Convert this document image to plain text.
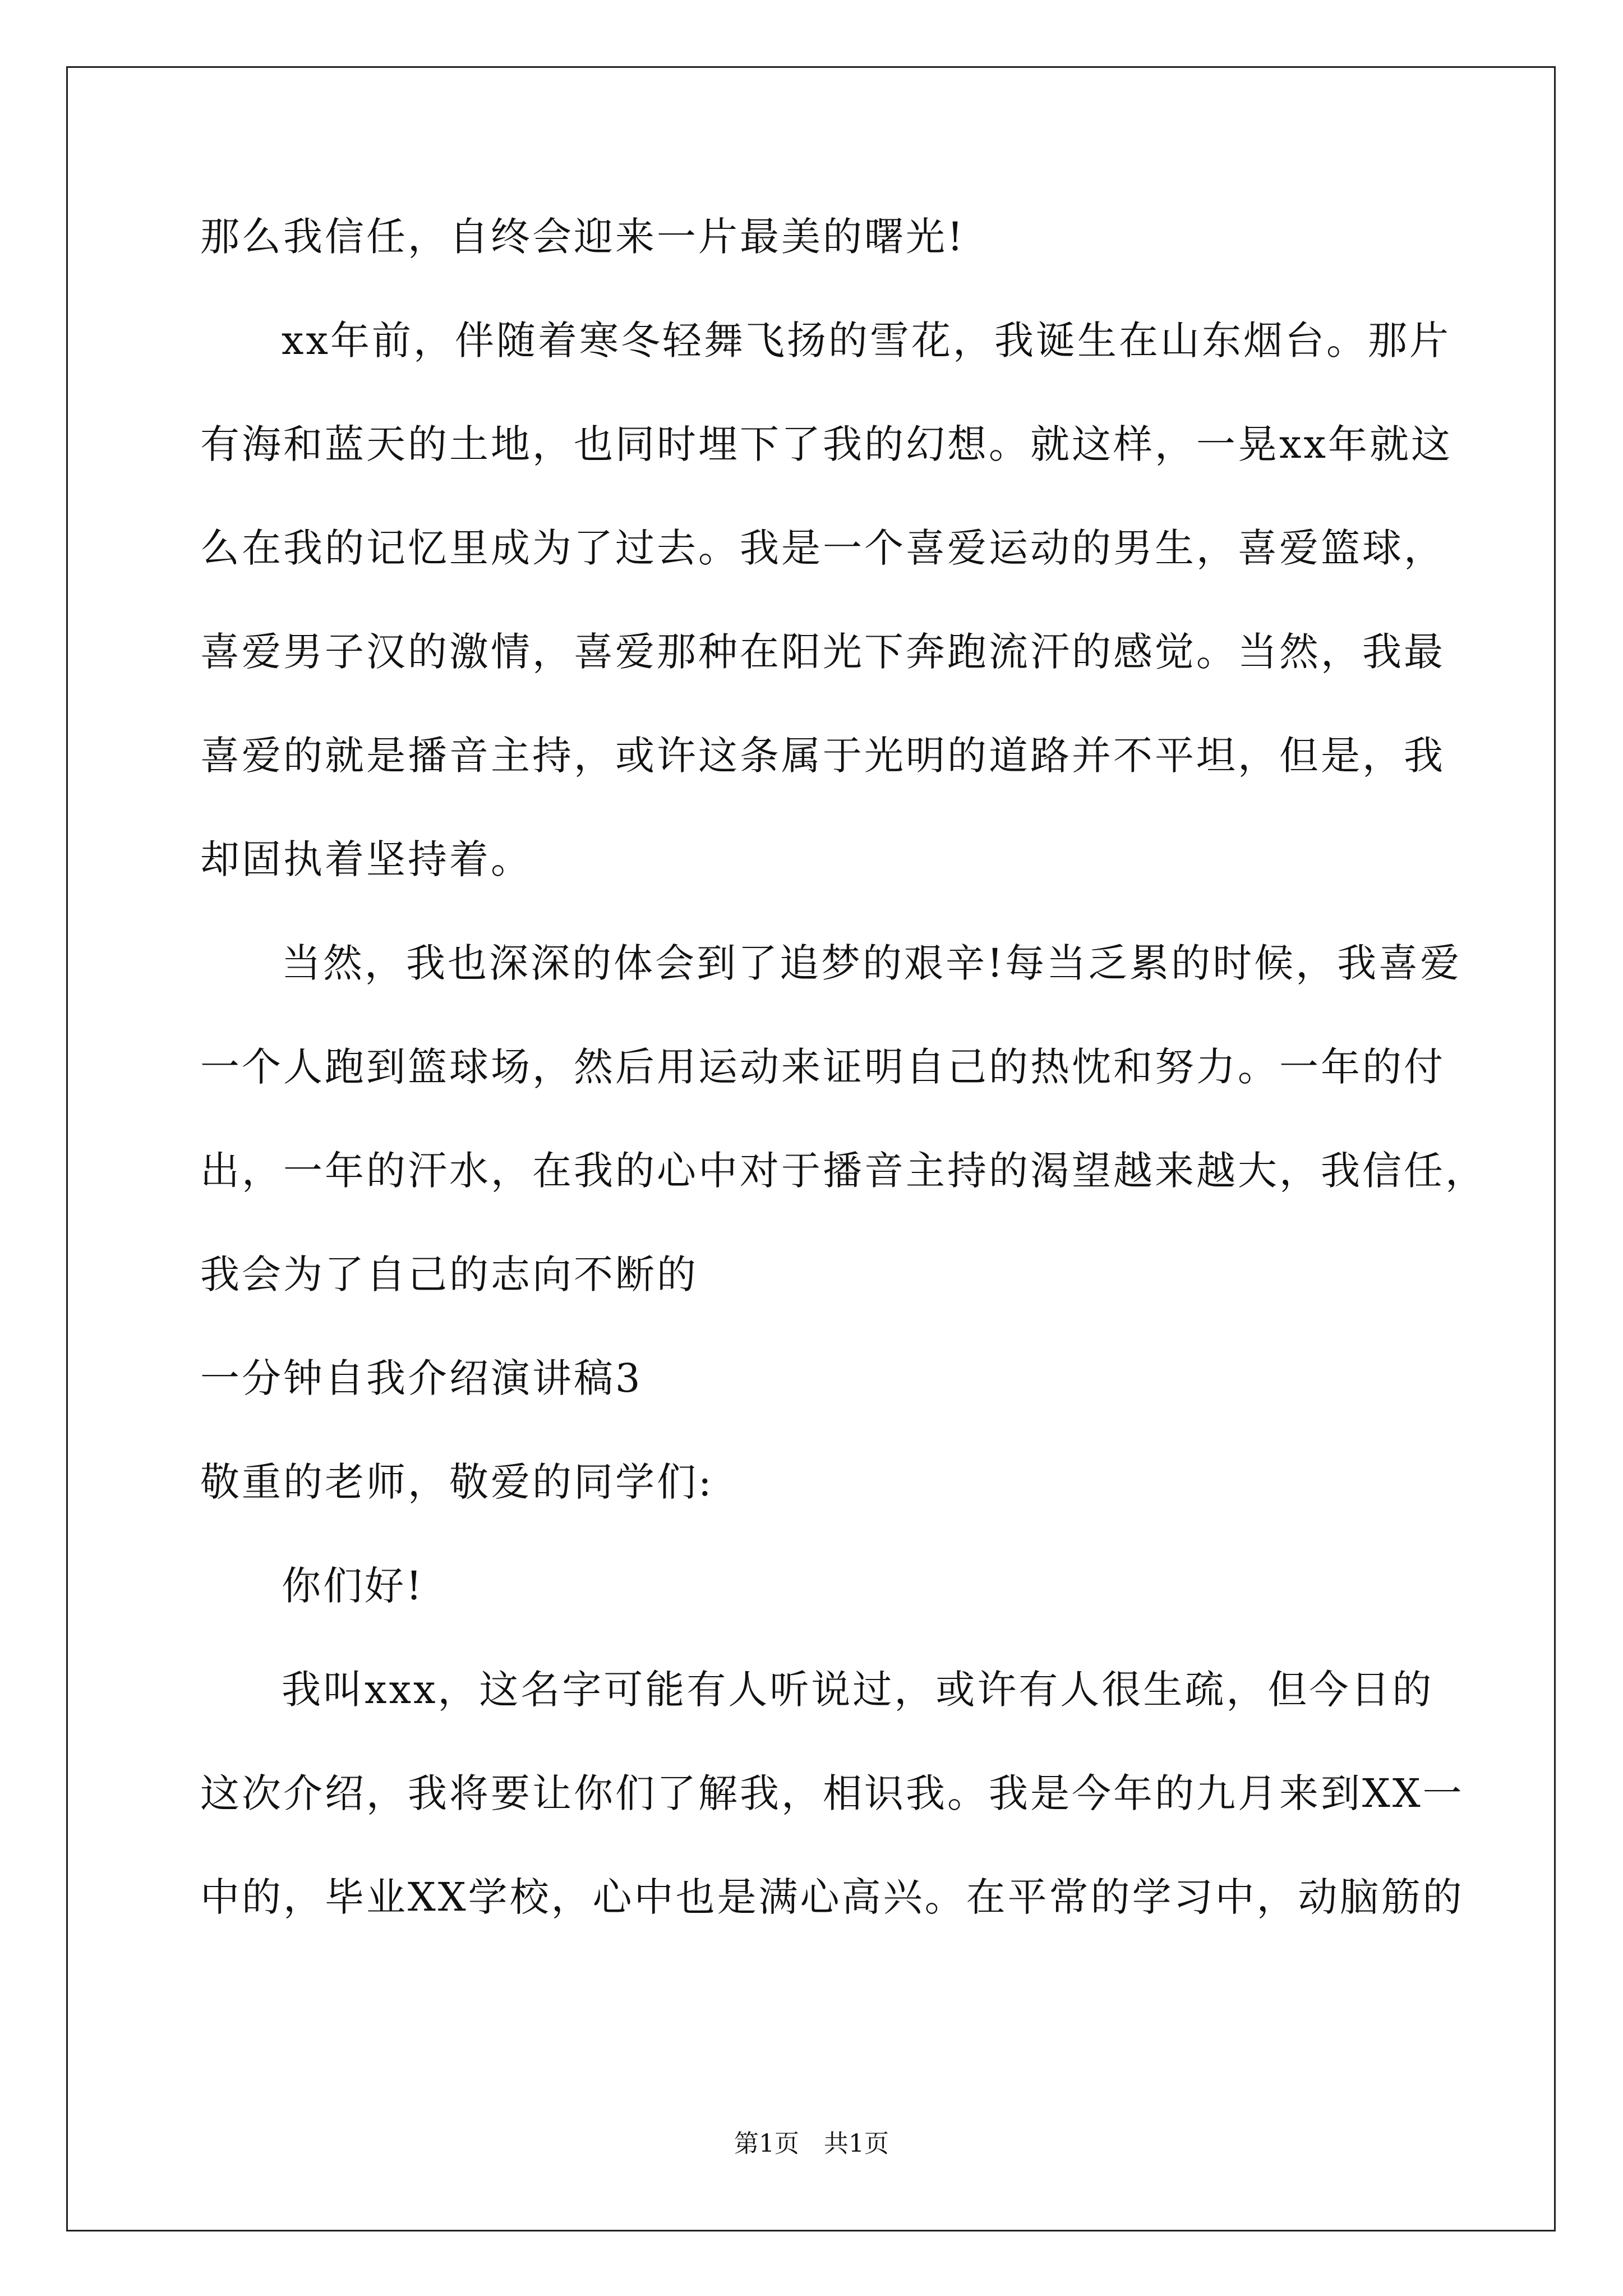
那么我信任，自终会迎来一片最美的曙光!
xx年前，伴随着寒冬轻舞飞扬的雪花，我诞生在山东烟台。那片
有海和蓝天的土地，也同时埋下了我的幻想。就这样，一晃xx年就这
么在我的记忆里成为了过去。我是一个喜爱运动的男生，喜爱篮球，
喜爱男子汉的激情，喜爱那种在阳光下奔跑流汗的感觉。当然，我最
喜爱的就是播音主持，或许这条属于光明的道路并不平坦，但是，我
却固执着坚持着。
当然，我也深深的体会到了追梦的艰辛!每当乏累的时候，我喜爱
一个人跑到篮球场，然后用运动来证明自己的热忱和努力。一年的付
出，一年的汗水，在我的心中对于播音主持的渴望越来越大，我信任，
我会为了自己的志向不断的
一分钟自我介绍演讲稿3
敬重的老师，敬爱的同学们:
你们好!
我叫xxx，这名字可能有人听说过，或许有人很生疏，但今日的
这次介绍，我将要让你们了解我，相识我。我是今年的九月来到XX一
中的，毕业XX学校，心中也是满心高兴。在平常的学习中，动脑筋的
第1页　共1页
